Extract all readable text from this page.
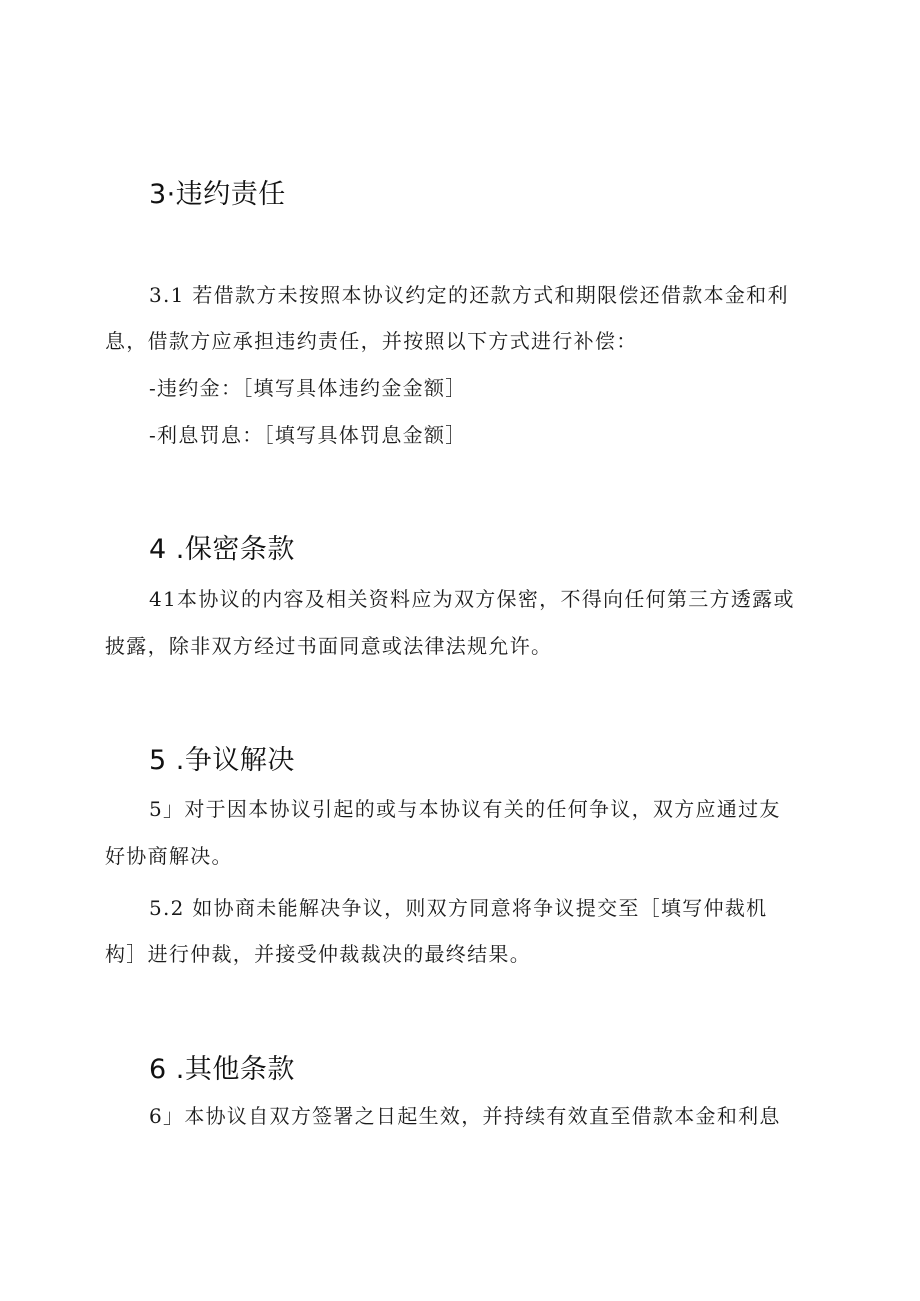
3·违约责任

3.1 若借款方未按照本协议约定的还款方式和期限偿还借款本金和利

息，借款方应承担违约责任，并按照以下方式进行补偿：

-违约金：［填写具体违约金金额］

-利息罚息：［填写具体罚息金额］

4 .保密条款

41本协议的内容及相关资料应为双方保密，不得向任何第三方透露或

披露，除非双方经过书面同意或法律法规允许。

5 .争议解决

5」对于因本协议引起的或与本协议有关的任何争议，双方应通过友

好协商解决。

5.2 如协商未能解决争议，则双方同意将争议提交至［填写仲裁机

构］进行仲裁，并接受仲裁裁决的最终结果。

6 .其他条款

6」本协议自双方签署之日起生效，并持续有效直至借款本金和利息
